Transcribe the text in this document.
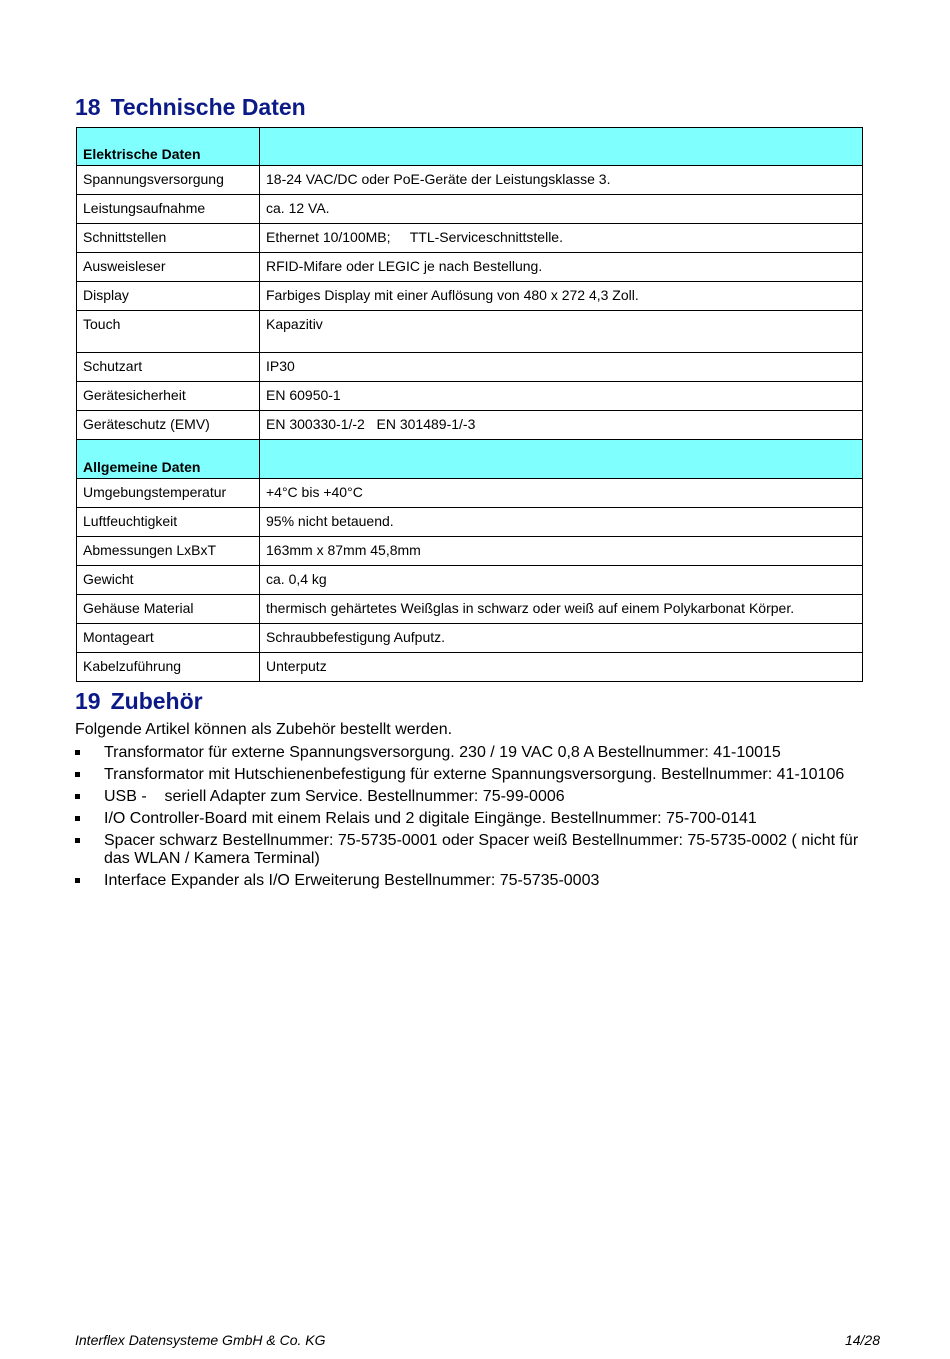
18 Technische Daten
Elektrische Daten	
Spannungsversorgung	18-24 VAC/DC oder PoE-Geräte der Leistungsklasse 3.
Leistungsaufnahme	ca. 12 VA.
Schnittstellen	Ethernet 10/100MB;     TTL-Serviceschnittstelle.
Ausweisleser	RFID-Mifare oder LEGIC je nach Bestellung.
Display	Farbiges Display mit einer Auflösung von 480 x 272 4,3 Zoll.
Touch	Kapazitiv
Schutzart	IP30
Gerätesicherheit	EN 60950-1
Geräteschutz (EMV)	EN 300330-1/-2   EN 301489-1/-3
Allgemeine Daten	
Umgebungstemperatur	+4°C bis +40°C
Luftfeuchtigkeit	95% nicht betauend.
Abmessungen LxBxT	163mm x 87mm 45,8mm
Gewicht	ca. 0,4 kg
Gehäuse Material	thermisch gehärtetes Weißglas in schwarz oder weiß auf einem Polykarbonat Körper.
Montageart	Schraubbefestigung Aufputz.
Kabelzuführung	Unterputz
19 Zubehör
Folgende Artikel können als Zubehör bestellt werden.
Transformator für externe Spannungsversorgung. 230 / 19 VAC 0,8 A Bestellnummer: 41-10015
Transformator mit Hutschienenbefestigung für externe Spannungsversorgung. Bestellnummer: 41-10106
USB -    seriell Adapter zum Service. Bestellnummer: 75-99-0006
I/O Controller-Board mit einem Relais und 2 digitale Eingänge. Bestellnummer: 75-700-0141
Spacer schwarz Bestellnummer: 75-5735-0001 oder Spacer weiß Bestellnummer: 75-5735-0002 ( nicht für das WLAN / Kamera Terminal)
Interface Expander als I/O Erweiterung Bestellnummer: 75-5735-0003
Interflex Datensysteme GmbH & Co. KG	14/28
